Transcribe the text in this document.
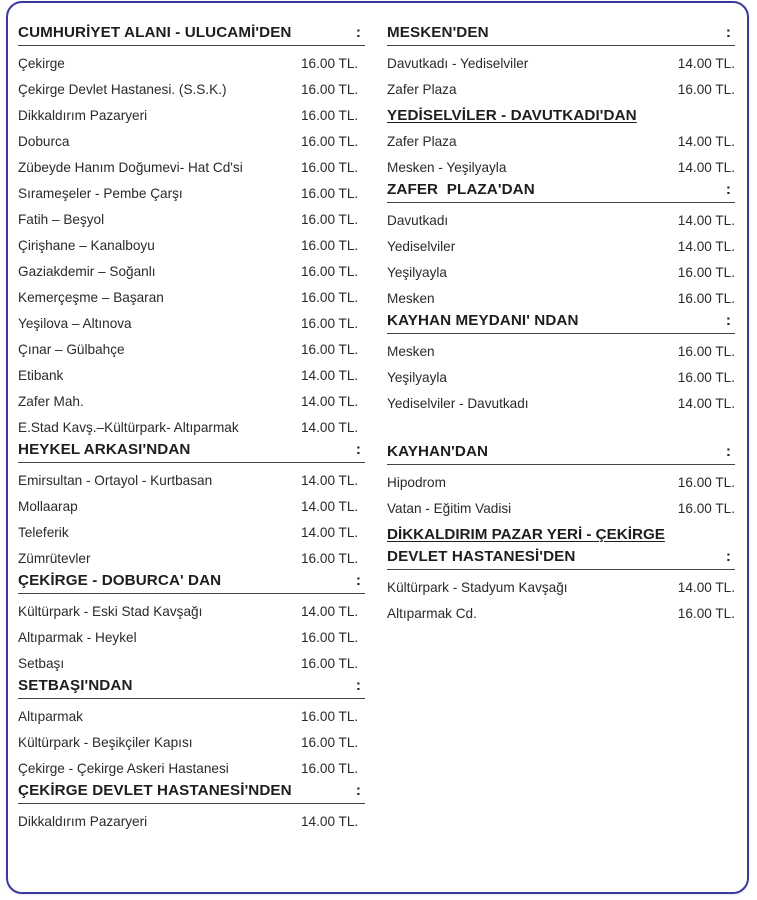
CUMHURİYET ALANI - ULUCAMİ'DEN	:
Çekirge	16.00 TL.
Çekirge Devlet Hastanesi. (S.S.K.)	16.00 TL.
Dikkaldırım Pazaryeri	16.00 TL.
Doburca	16.00 TL.
Zübeyde Hanım Doğumevi- Hat Cd'si	16.00 TL.
Sırameşeler - Pembe Çarşı	16.00 TL.
Fatih – Beşyol	16.00 TL.
Çirişhane – Kanalboyu	16.00 TL.
Gaziakdemir – Soğanlı	16.00 TL.
Kemerçeşme – Başaran	16.00 TL.
Yeşilova – Altınova	16.00 TL.
Çınar – Gülbahçe	16.00 TL.
Etibank	14.00 TL.
Zafer Mah.	14.00 TL.
E.Stad Kavş.–Kültürpark- Altıparmak	14.00 TL.
HEYKEL ARKASI'NDAN	:
Emirsultan - Ortayol - Kurtbasan	14.00 TL.
Mollaarap	14.00 TL.
Teleferik	14.00 TL.
Zümrütevler	16.00 TL.
ÇEKİRGE - DOBURCA' DAN	:
Kültürpark - Eski Stad Kavşağı	14.00 TL.
Altıparmak - Heykel	16.00 TL.
Setbaşı	16.00 TL.
SETBAŞI'NDAN	:
Altıparmak	16.00 TL.
Kültürpark - Beşikçiler Kapısı	16.00 TL.
Çekirge - Çekirge Askeri Hastanesi	16.00 TL.
ÇEKİRGE DEVLET HASTANESİ'NDEN	:
Dikkaldırım Pazaryeri	14.00 TL.
MESKEN'DEN	:
Davutkadı - Yediselviler	14.00 TL.
Zafer Plaza	16.00 TL.
YEDİSELVİLER - DAVUTKADI'DAN
Zafer Plaza	14.00 TL.
Mesken - Yeşilyayla	14.00 TL.
ZAFER  PLAZA'DAN	:
Davutkadı	14.00 TL.
Yediselviler	14.00 TL.
Yeşilyayla	16.00 TL.
Mesken	16.00 TL.
KAYHAN MEYDANI' NDAN	:
Mesken	16.00 TL.
Yeşilyayla	16.00 TL.
Yediselviler - Davutkadı	14.00 TL.
KAYHAN'DAN	:
Hipodrom	16.00 TL.
Vatan - Eğitim Vadisi	16.00 TL.
DİKKALDIRIM PAZAR YERİ - ÇEKİRGE
DEVLET HASTANESİ'DEN	:
Kültürpark - Stadyum Kavşağı	14.00 TL.
Altıparmak Cd.	16.00 TL.
